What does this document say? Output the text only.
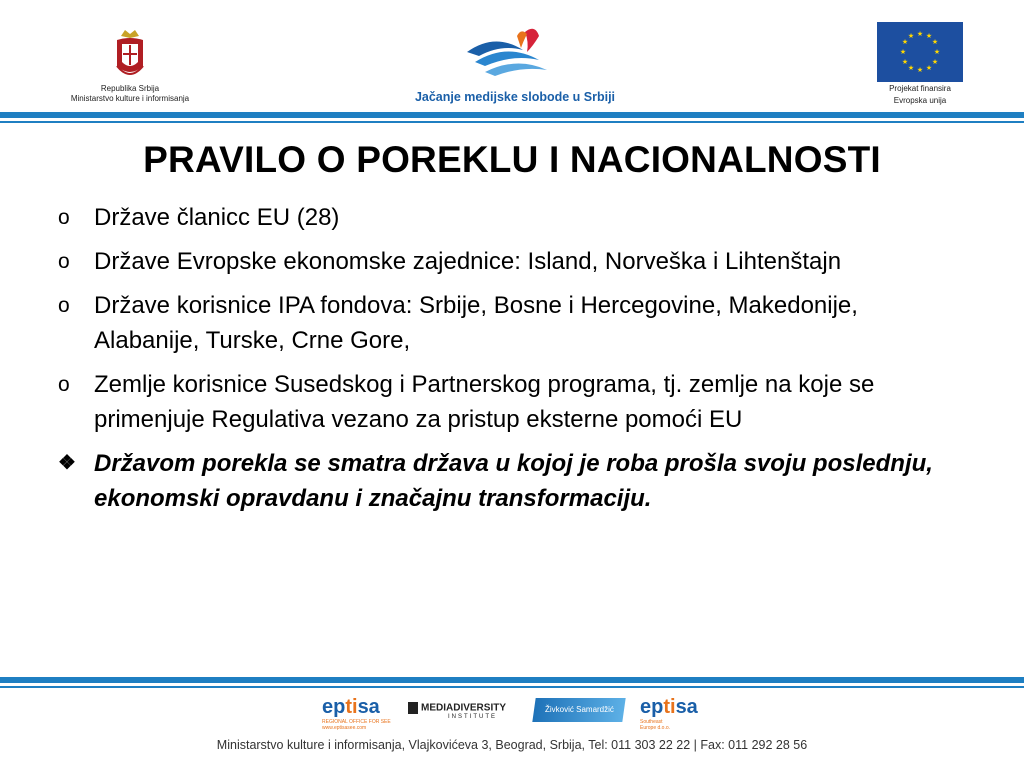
Republika Srbija
Ministarstvo kulture i informisanja	Jačanje medijske slobode u Srbiji
★ ★
★
★
★
★
★
★
★
★
★
★
Projekat finansira
Evropska unija
PRAVILO O POREKLU I NACIONALNOSTI
o	Države članicc EU (28)
o	Države Evropske ekonomske zajednice: Island, Norveška i Lihtenštajn
o	Države korisnice IPA fondova: Srbije, Bosne i Hercegovine, Makedonije, Alabanije, Turske, Crne Gore,
o	Zemlje korisnice Susedskog i Partnerskog programa, tj. zemlje na koje se primenjuje Regulativa vezano za pristup eksterne pomoći EU
❖ Državom porekla se smatra država u kojoj je roba prošla svoju poslednju, ekonomski opravdanu i značajnu transformaciju.
eptisa
REGIONAL OFFICE FOR SEE
www.eptisasee.com
MEDIADIVERSITY
INSTITUTE
Živković Samardžić	eptisa
Southeast
Europe d.o.o.
Ministarstvo kulture i informisanja, Vlajkovićeva 3, Beograd, Srbija, Tel: 011 303 22 22 | Fax: 011 292 28 56
